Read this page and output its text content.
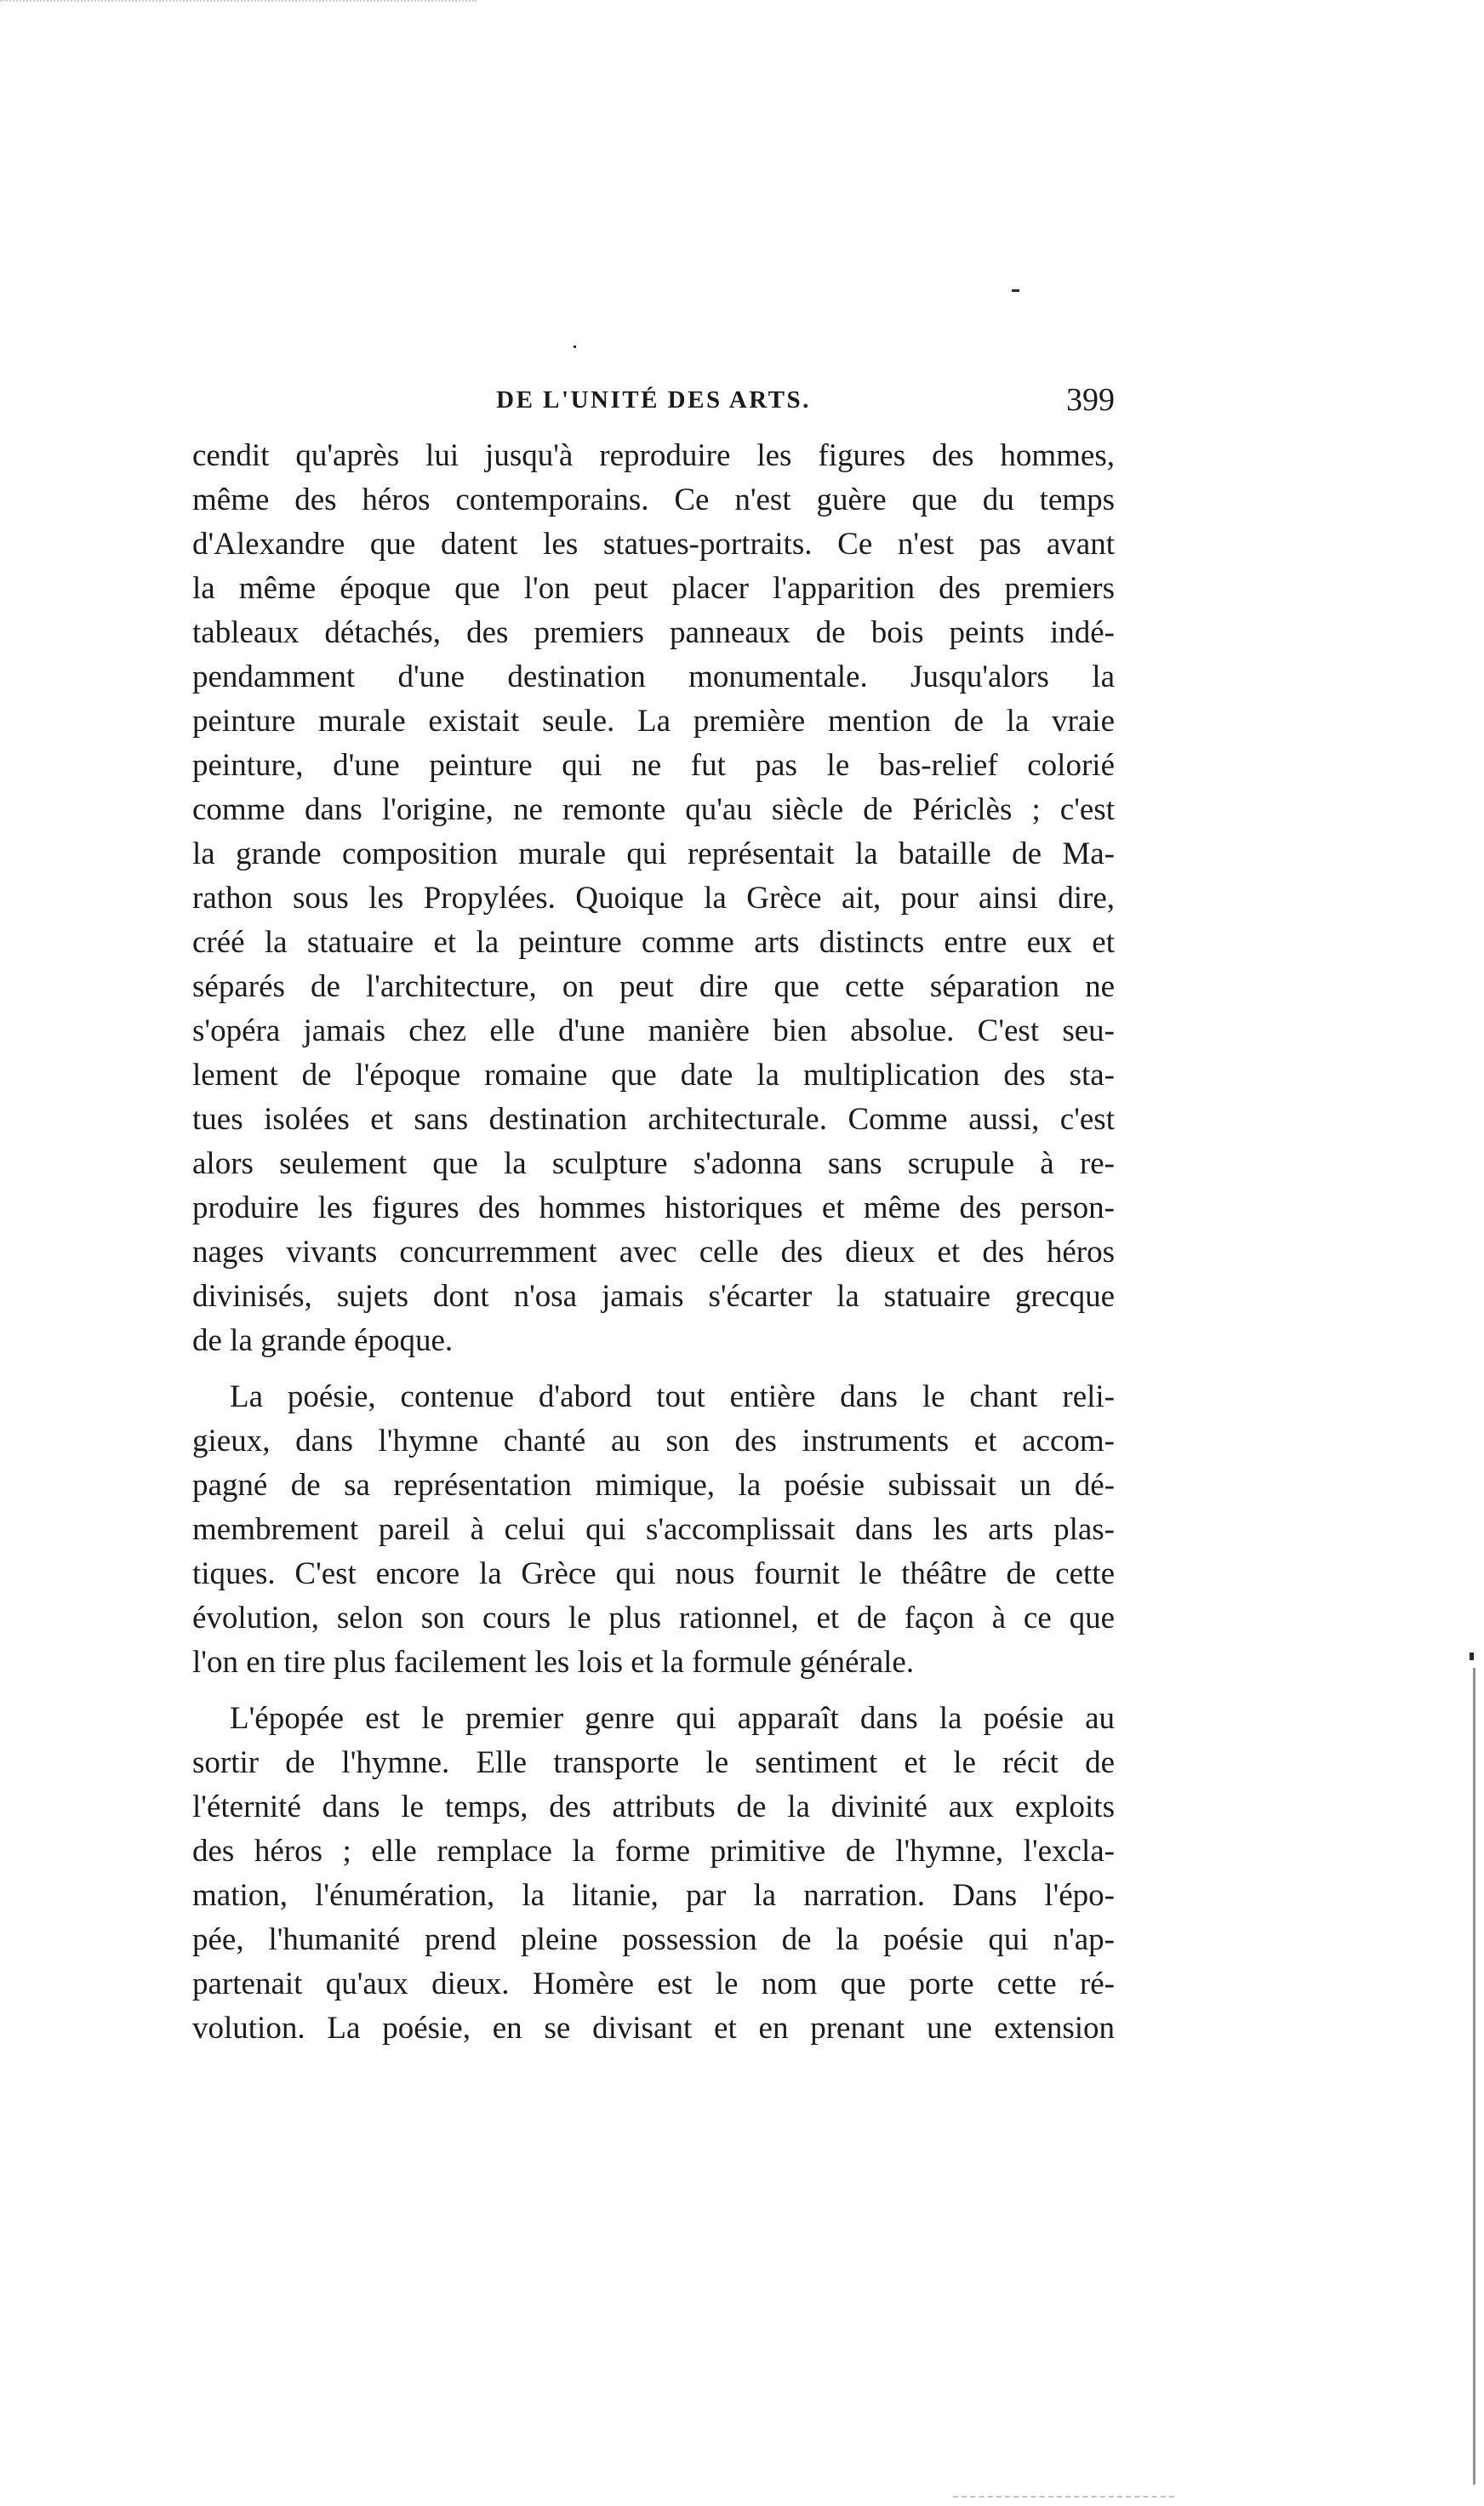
DE L'UNITÉ DES ARTS.	399
cendit qu'après lui jusqu'à reproduire les figures des hommes,
même des héros contemporains. Ce n'est guère que du temps
d'Alexandre que datent les statues-portraits. Ce n'est pas avant
la même époque que l'on peut placer l'apparition des premiers
tableaux détachés, des premiers panneaux de bois peints indé-
pendamment d'une destination monumentale. Jusqu'alors la
peinture murale existait seule. La première mention de la vraie
peinture, d'une peinture qui ne fut pas le bas-relief colorié
comme dans l'origine, ne remonte qu'au siècle de Périclès ; c'est
la grande composition murale qui représentait la bataille de Ma-
rathon sous les Propylées. Quoique la Grèce ait, pour ainsi dire,
créé la statuaire et la peinture comme arts distincts entre eux et
séparés de l'architecture, on peut dire que cette séparation ne
s'opéra jamais chez elle d'une manière bien absolue. C'est seu-
lement de l'époque romaine que date la multiplication des sta-
tues isolées et sans destination architecturale. Comme aussi, c'est
alors seulement que la sculpture s'adonna sans scrupule à re-
produire les figures des hommes historiques et même des person-
nages vivants concurremment avec celle des dieux et des héros
divinisés, sujets dont n'osa jamais s'écarter la statuaire grecque
de la grande époque.
La poésie, contenue d'abord tout entière dans le chant reli-
gieux, dans l'hymne chanté au son des instruments et accom-
pagné de sa représentation mimique, la poésie subissait un dé-
membrement pareil à celui qui s'accomplissait dans les arts plas-
tiques. C'est encore la Grèce qui nous fournit le théâtre de cette
évolution, selon son cours le plus rationnel, et de façon à ce que
l'on en tire plus facilement les lois et la formule générale.
L'épopée est le premier genre qui apparaît dans la poésie au
sortir de l'hymne. Elle transporte le sentiment et le récit de
l'éternité dans le temps, des attributs de la divinité aux exploits
des héros ; elle remplace la forme primitive de l'hymne, l'excla-
mation, l'énumération, la litanie, par la narration. Dans l'épo-
pée, l'humanité prend pleine possession de la poésie qui n'ap-
partenait qu'aux dieux. Homère est le nom que porte cette ré-
volution. La poésie, en se divisant et en prenant une extension
